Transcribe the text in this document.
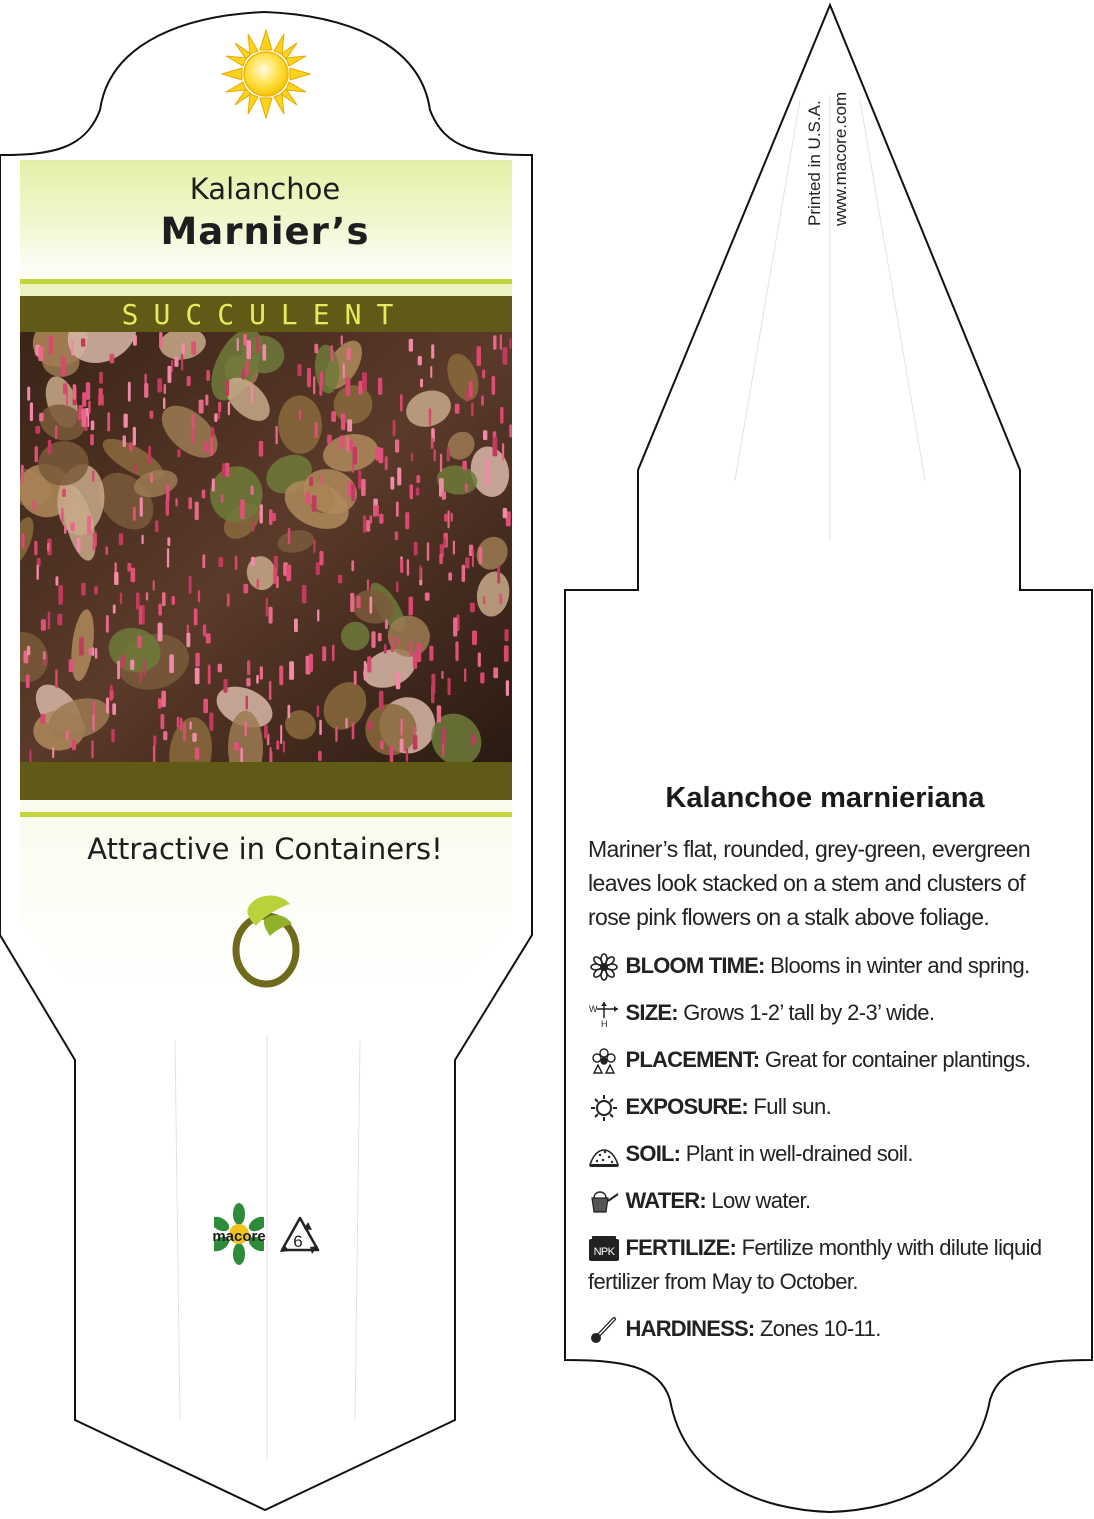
Kalanchoe
Marnier’s
SUCCULENT
Attractive in Containers!
macore	6
Printed in U.S.A. www.macore.com
Kalanchoe marnieriana
Mariner’s flat, rounded, grey-green, evergreen leaves look stacked on a stem and clusters of rose pink flowers on a stalk above foliage.
BLOOM TIME: Blooms in winter and spring.
W
H SIZE: Grows 1-2’ tall by 2-3’ wide.
PLACEMENT: Great for container plantings.
EXPOSURE: Full sun.
SOIL: Plant in well-drained soil.
WATER: Low water.
NPK FERTILIZE: Fertilize monthly with dilute liquid fertilizer from May to October.
HARDINESS: Zones 10-11.
